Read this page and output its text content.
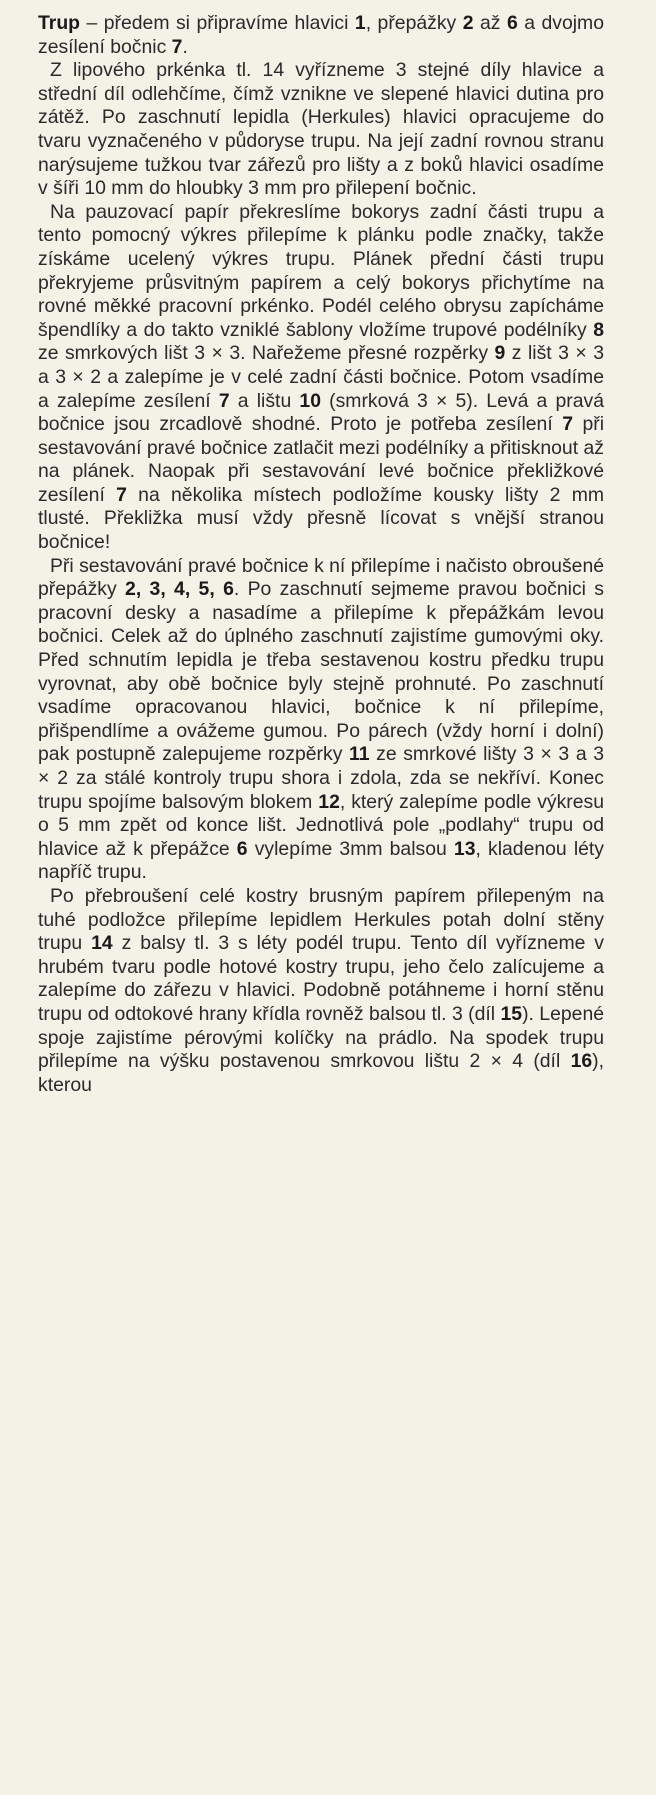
Trup – předem si připravíme hlavici 1, přepážky 2 až 6 a dvojmo zesílení bočnic 7.

Z lipového prkénka tl. 14 vyřízneme 3 stejné díly hlavice a střední díl odlehčíme, čímž vznikne ve slepené hlavici dutina pro zátěž. Po zaschnutí lepidla (Herkules) hlavici opracujeme do tvaru vyznačeného v půdoryse trupu. Na její zadní rovnou stranu narýsujeme tužkou tvar zářezů pro lišty a z boků hlavici osadíme v šíři 10 mm do hloubky 3 mm pro přilepení bočnic.

Na pauzovací papír překreslíme bokorys zadní části trupu a tento pomocný výkres přilepíme k plánku podle značky, takže získáme ucelený výkres trupu. Plánek přední části trupu překryjeme průsvitným papírem a celý bokorys přichytíme na rovné měkké pracovní prkénko. Podél celého obrysu zapícháme špendlíky a do takto vzniklé šablony vložíme trupové podélníky 8 ze smrkových lišt 3 × 3. Nařežeme přesné rozpěrky 9 z lišt 3 × 3 a 3 × 2 a zalepíme je v celé zadní části bočnice. Potom vsadíme a zalepíme zesílení 7 a lištu 10 (smrková 3 × 5). Levá a pravá bočnice jsou zrcadlově shodné. Proto je potřeba zesílení 7 při sestavování pravé bočnice zatlačit mezi podélníky a přitisknout až na plánek. Naopak při sestavování levé bočnice překližkové zesílení 7 na několika místech podložíme kousky lišty 2 mm tlusté. Překližka musí vždy přesně lícovat s vnější stranou bočnice!

Při sestavování pravé bočnice k ní přilepíme i načisto obroušené přepážky 2, 3, 4, 5, 6. Po zaschnutí sejmeme pravou bočnici s pracovní desky a nasadíme a přilepíme k přepážkám levou bočnici. Celek až do úplného zaschnutí zajistíme gumovými oky. Před schnutím lepidla je třeba sestavenou kostru předku trupu vyrovnat, aby obě bočnice byly stejně prohnuté. Po zaschnutí vsadíme opracovanou hlavici, bočnice k ní přilepíme, přišpendlíme a ovážeme gumou. Po párech (vždy horní i dolní) pak postupně zalepujeme rozpěrky 11 ze smrkové lišty 3 × 3 a 3 × 2 za stálé kontroly trupu shora i zdola, zda se nekříví. Konec trupu spojíme balsovým blokem 12, který zalepíme podle výkresu o 5 mm zpět od konce lišt. Jednotlivá pole „podlahy“ trupu od hlavice až k přepážce 6 vylepíme 3mm balsou 13, kladenou léty napříč trupu.

Po přebroušení celé kostry brusným papírem přilepeným na tuhé podložce přilepíme lepidlem Herkules potah dolní stěny trupu 14 z balsy tl. 3 s léty podél trupu. Tento díl vyřízneme v hrubém tvaru podle hotové kostry trupu, jeho čelo zalícujeme a zalepíme do zářezu v hlavici. Podobně potáhneme i horní stěnu trupu od odtokové hrany křídla rovněž balsou tl. 3 (díl 15). Lepené spoje zajistíme pérovými kolíčky na prádlo. Na spodek trupu přilepíme na výšku postavenou smrkovou lištu 2 × 4 (díl 16), kterou
